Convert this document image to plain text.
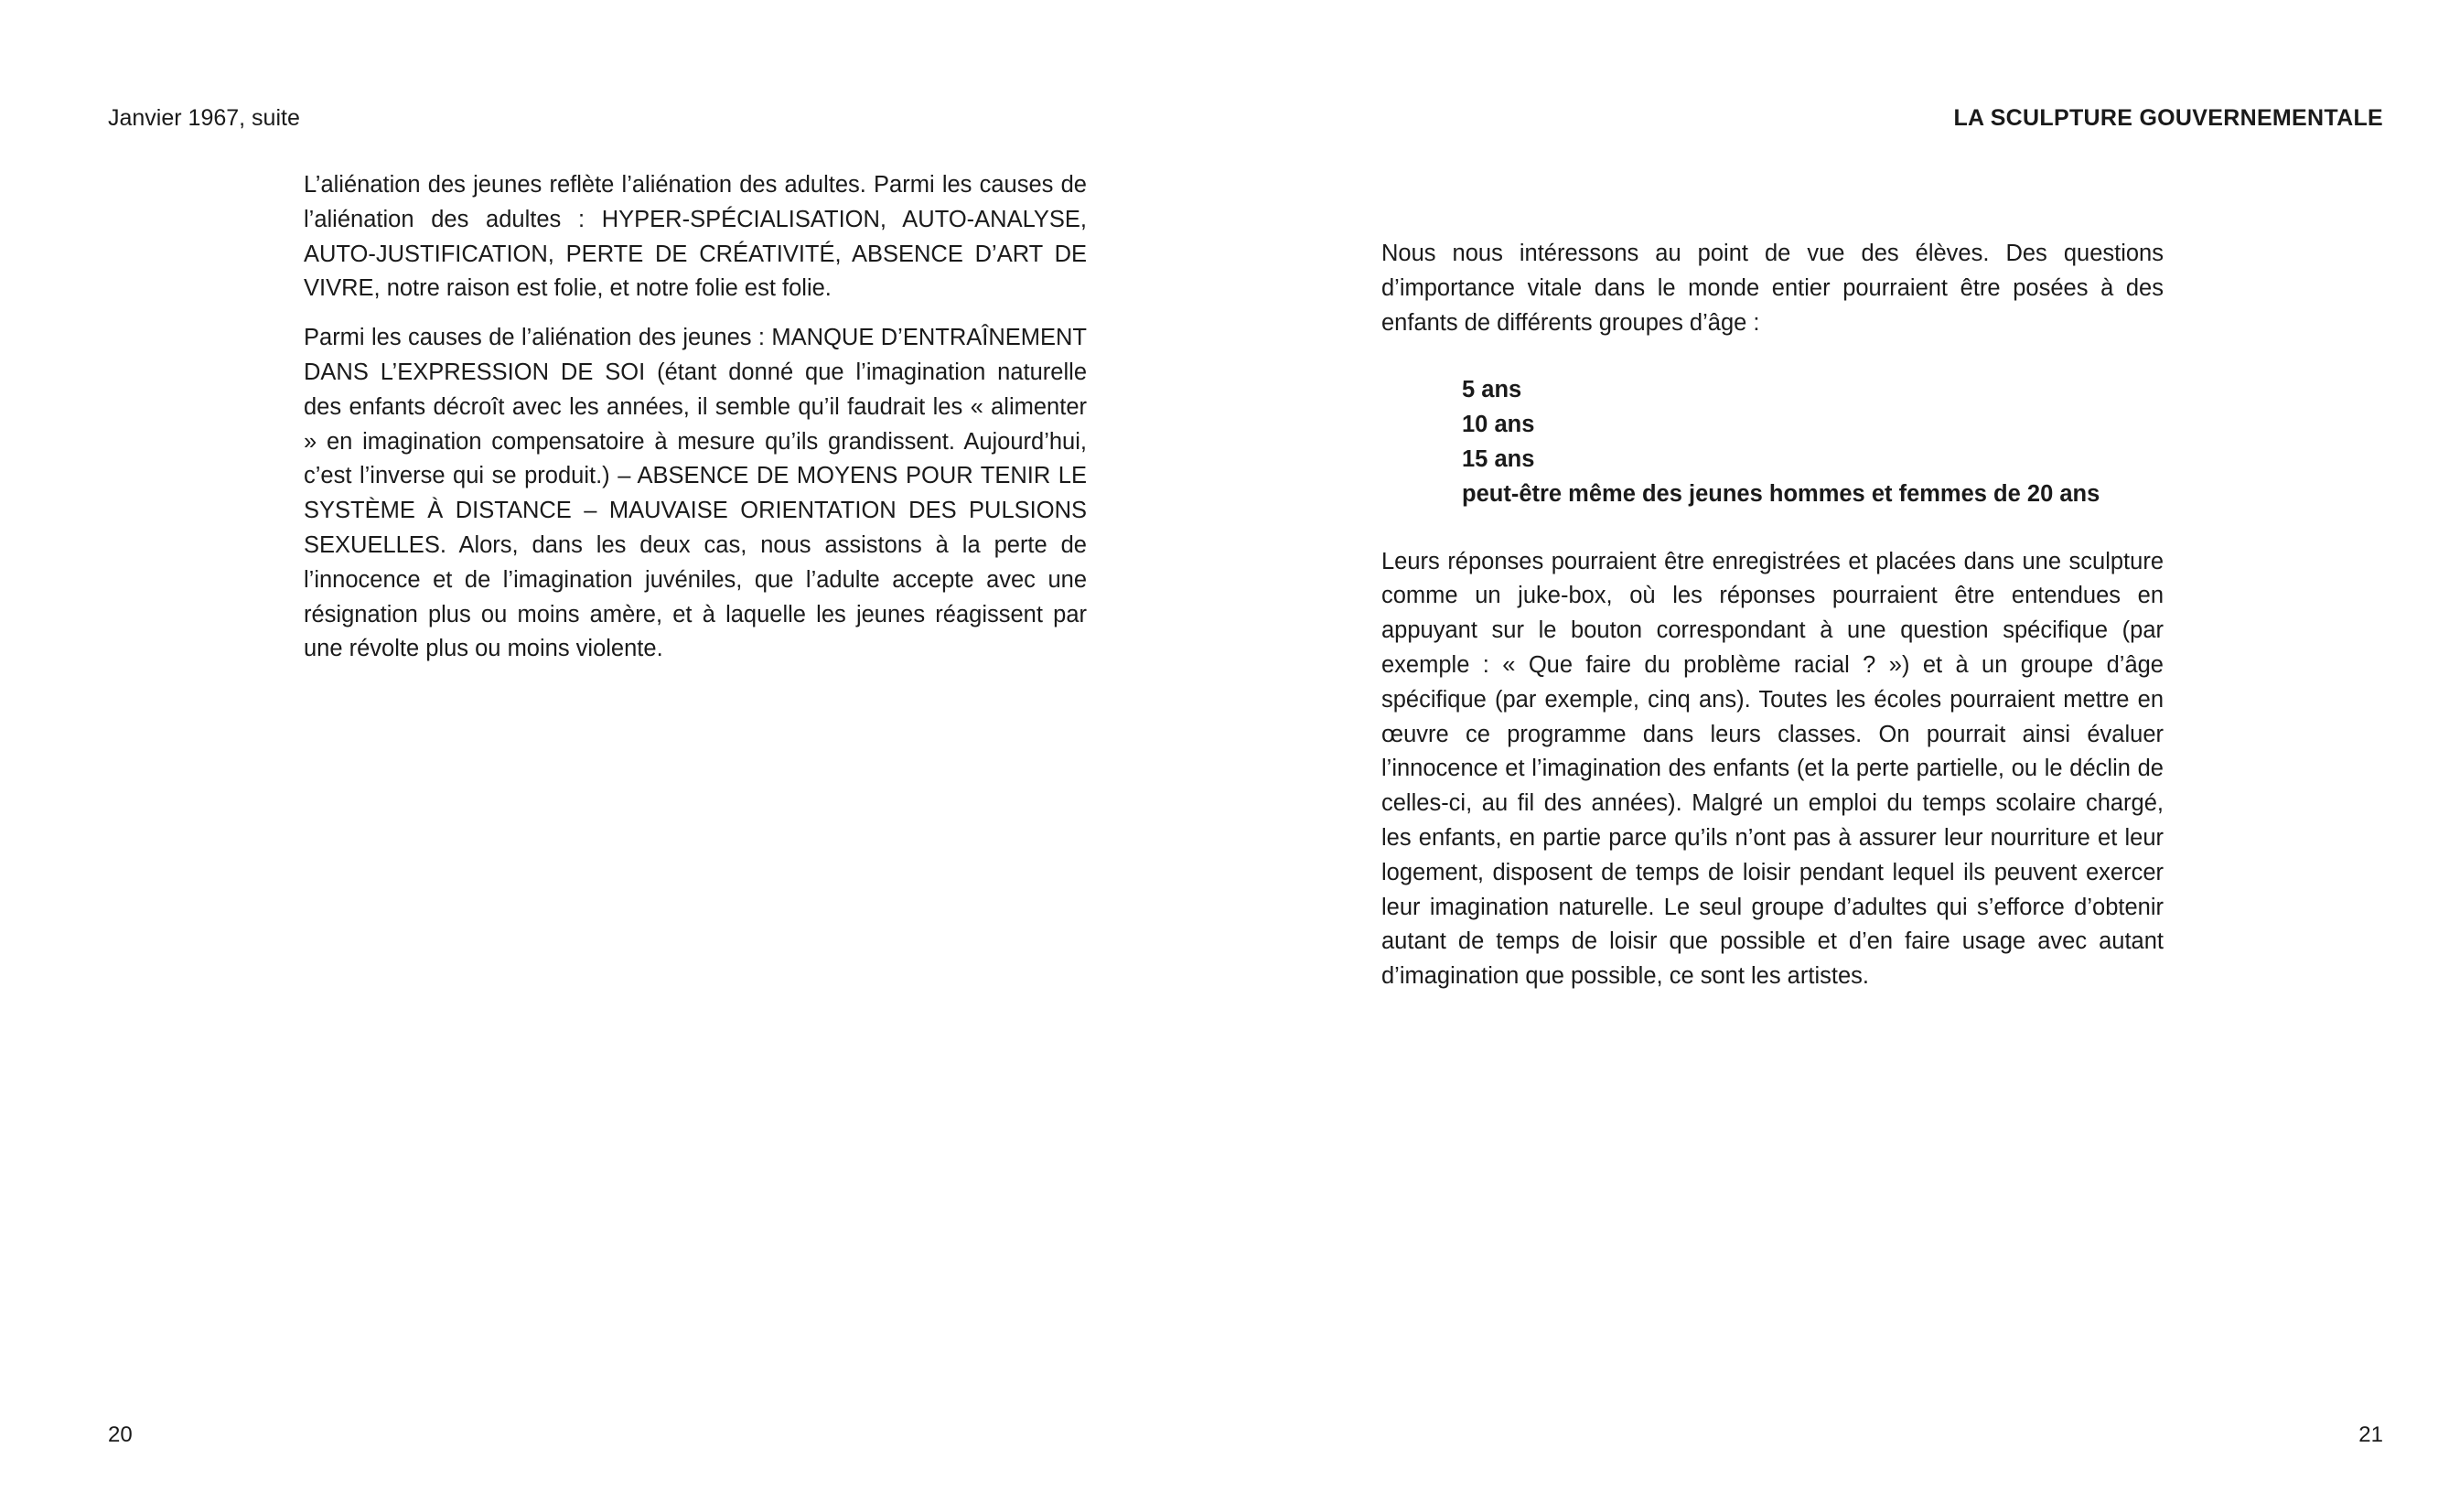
Janvier 1967, suite

L’aliénation des jeunes reflète l’aliénation des adultes. Parmi les causes de l’aliénation des adultes : HYPER-SPÉCIALISATION, AUTO-ANALYSE, AUTO-JUSTIFICATION, PERTE DE CRÉATIVITÉ, ABSENCE D’ART DE VIVRE, notre raison est folie, et notre folie est folie.

Parmi les causes de l’aliénation des jeunes : MANQUE D’ENTRAÎNEMENT DANS L’EXPRESSION DE SOI (étant donné que l’imagination naturelle des enfants décroît avec les années, il semble qu’il faudrait les « alimenter » en imagination compensatoire à mesure qu’ils grandissent. Aujourd’hui, c’est l’inverse qui se produit.) – ABSENCE DE MOYENS POUR TENIR LE SYSTÈME À DISTANCE – MAUVAISE ORIENTATION DES PULSIONS SEXUELLES. Alors, dans les deux cas, nous assistons à la perte de l’innocence et de l’imagination juvéniles, que l’adulte accepte avec une résignation plus ou moins amère, et à laquelle les jeunes réagissent par une révolte plus ou moins violente.

20
LA SCULPTURE GOUVERNEMENTALE

Nous nous intéressons au point de vue des élèves. Des questions d’importance vitale dans le monde entier pourraient être posées à des enfants de différents groupes d’âge :

5 ans
10 ans
15 ans
peut-être même des jeunes hommes et femmes de 20 ans

Leurs réponses pourraient être enregistrées et placées dans une sculpture comme un juke-box, où les réponses pourraient être entendues en appuyant sur le bouton correspondant à une question spécifique (par exemple : « Que faire du problème racial ? ») et à un groupe d’âge spécifique (par exemple, cinq ans). Toutes les écoles pourraient mettre en œuvre ce programme dans leurs classes. On pourrait ainsi évaluer l’innocence et l’imagination des enfants (et la perte partielle, ou le déclin de celles-ci, au fil des années). Malgré un emploi du temps scolaire chargé, les enfants, en partie parce qu’ils n’ont pas à assurer leur nourriture et leur logement, disposent de temps de loisir pendant lequel ils peuvent exercer leur imagination naturelle. Le seul groupe d’adultes qui s’efforce d’obtenir autant de temps de loisir que possible et d’en faire usage avec autant d’imagination que possible, ce sont les artistes.

21
